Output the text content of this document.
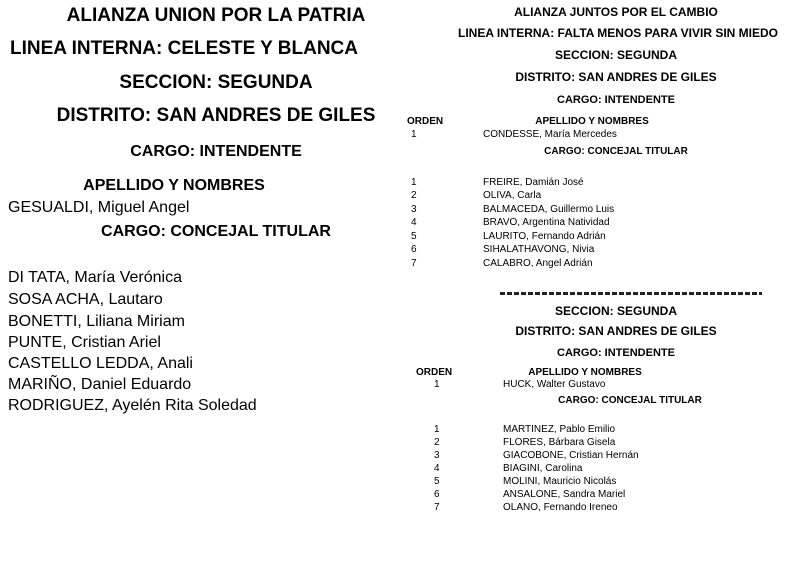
ALIANZA UNION POR LA PATRIA
LINEA INTERNA: CELESTE Y BLANCA
SECCION: SEGUNDA
DISTRITO: SAN ANDRES DE GILES
CARGO: INTENDENTE
APELLIDO Y NOMBRES
GESUALDI, Miguel Angel
CARGO: CONCEJAL TITULAR
DI TATA, María Verónica
SOSA ACHA, Lautaro
BONETTI, Liliana Miriam
PUNTE, Cristian Ariel
CASTELLO LEDDA, Anali
MARIÑO, Daniel Eduardo
RODRIGUEZ, Ayelén Rita Soledad
ALIANZA JUNTOS POR EL CAMBIO
LINEA INTERNA: FALTA MENOS PARA VIVIR SIN MIEDO
SECCION: SEGUNDA
DISTRITO: SAN ANDRES DE GILES
CARGO: INTENDENTE
ORDEN	APELLIDO Y NOMBRES
1	CONDESSE, María Mercedes
CARGO: CONCEJAL TITULAR
1	FREIRE, Damián José
2	OLIVA, Carla
3	BALMACEDA, Guillermo Luis
4	BRAVO, Argentina Natividad
5	LAURITO, Fernando Adrián
6	SIHALATHAVONG, Nivia
7	CALABRO, Angel Adrián
SECCION: SEGUNDA
DISTRITO: SAN ANDRES DE GILES
CARGO: INTENDENTE
ORDEN	APELLIDO Y NOMBRES
1	HUCK, Walter Gustavo
CARGO: CONCEJAL TITULAR
1	MARTINEZ, Pablo Emilio
2	FLORES, Bárbara Gisela
3	GIACOBONE, Cristian Hernán
4	BIAGINI, Carolina
5	MOLINI, Mauricio Nicolás
6	ANSALONE, Sandra Mariel
7	OLANO, Fernando Ireneo
